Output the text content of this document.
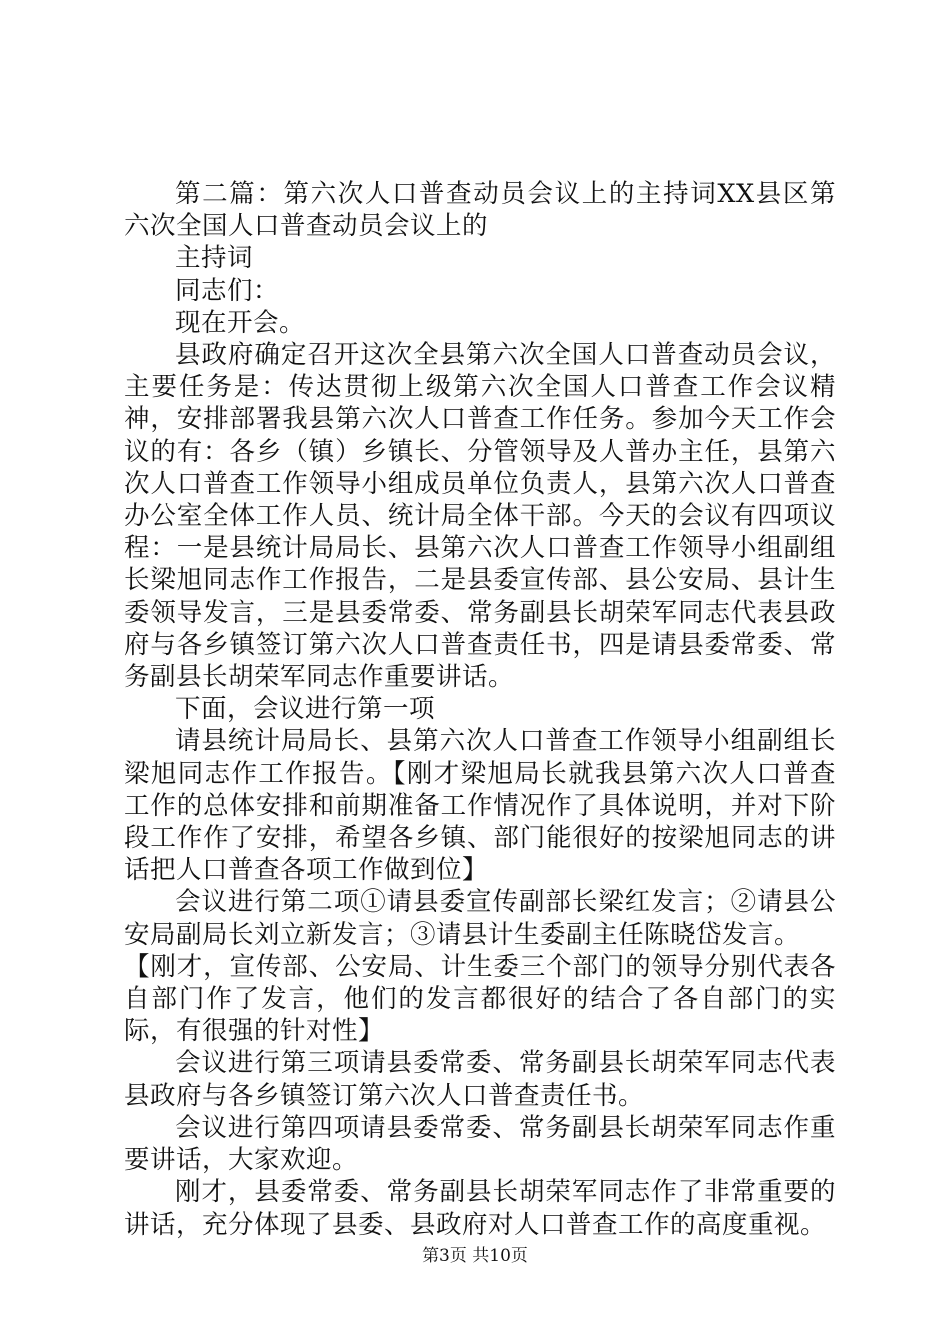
第二篇：第六次人口普查动员会议上的主持词XX县区第六次全国人口普查动员会议上的

主持词

同志们：

现在开会。

县政府确定召开这次全县第六次全国人口普查动员会议，主要任务是：传达贯彻上级第六次全国人口普查工作会议精神，安排部署我县第六次人口普查工作任务。参加今天工作会议的有：各乡（镇）乡镇长、分管领导及人普办主任，县第六次人口普查工作领导小组成员单位负责人，县第六次人口普查办公室全体工作人员、统计局全体干部。今天的会议有四项议程：一是县统计局局长、县第六次人口普查工作领导小组副组长梁旭同志作工作报告，二是县委宣传部、县公安局、县计生委领导发言，三是县委常委、常务副县长胡荣军同志代表县政府与各乡镇签订第六次人口普查责任书，四是请县委常委、常务副县长胡荣军同志作重要讲话。

下面，会议进行第一项

请县统计局局长、县第六次人口普查工作领导小组副组长梁旭同志作工作报告。【刚才梁旭局长就我县第六次人口普查工作的总体安排和前期准备工作情况作了具体说明，并对下阶段工作作了安排，希望各乡镇、部门能很好的按梁旭同志的讲话把人口普查各项工作做到位】

会议进行第二项①请县委宣传副部长梁红发言；②请县公安局副局长刘立新发言；③请县计生委副主任陈晓岱发言。

【刚才，宣传部、公安局、计生委三个部门的领导分别代表各自部门作了发言，他们的发言都很好的结合了各自部门的实际，有很强的针对性】

会议进行第三项请县委常委、常务副县长胡荣军同志代表县政府与各乡镇签订第六次人口普查责任书。

会议进行第四项请县委常委、常务副县长胡荣军同志作重要讲话，大家欢迎。

刚才，县委常委、常务副县长胡荣军同志作了非常重要的讲话，充分体现了县委、县政府对人口普查工作的高度重视。

第3页 共10页
